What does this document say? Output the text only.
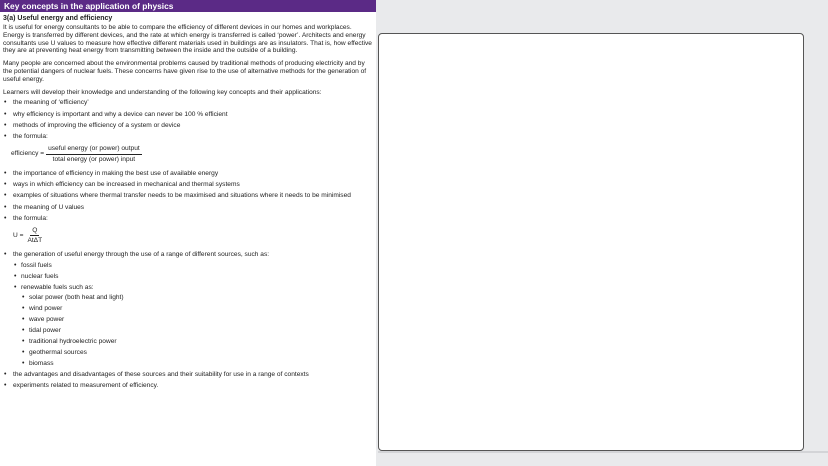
Key concepts in the application of physics
3(a) Useful energy and efficiency

It is useful for energy consultants to be able to compare the efficiency of different devices in our homes and workplaces. Energy is transferred by different devices, and the rate at which energy is transferred is called ‘power’. Architects and energy consultants use U values to measure how effective different materials used in buildings are as insulators. That is, how effective they are at preventing heat energy from transmitting between the inside and the outside of a building.

Many people are concerned about the environmental problems caused by traditional methods of producing electricity and by the potential dangers of nuclear fuels. These concerns have given rise to the use of alternative methods for the generation of useful energy.

Learners will develop their knowledge and understanding of the following key concepts and their applications:

• the meaning of ‘efficiency’
• why efficiency is important and why a device can never be 100 % efficient
• methods of improving the efficiency of a system or device
• the formula:
efficiency = $\frac{\text{useful energy (or power) output}}{\text{total energy (or power) input}}$
• the importance of efficiency in making the best use of available energy
• ways in which efficiency can be increased in mechanical and thermal systems
• examples of situations where thermal transfer needs to be maximised and situations where it needs to be minimised
• the meaning of U values
• the formula:
$U = \frac{Q}{\text{AtΔT}}$
• the generation of useful energy through the use of a range of different sources, such as:
• fossil fuels
• nuclear fuels
• renewable fuels such as:
• solar power (both heat and light)
• wind power
• wave power
• tidal power
• traditional hydroelectric power
• geothermal sources
• biomass
• the advantages and disadvantages of these sources and their suitability for use in a range of contexts
• experiments related to measurement of efficiency.
